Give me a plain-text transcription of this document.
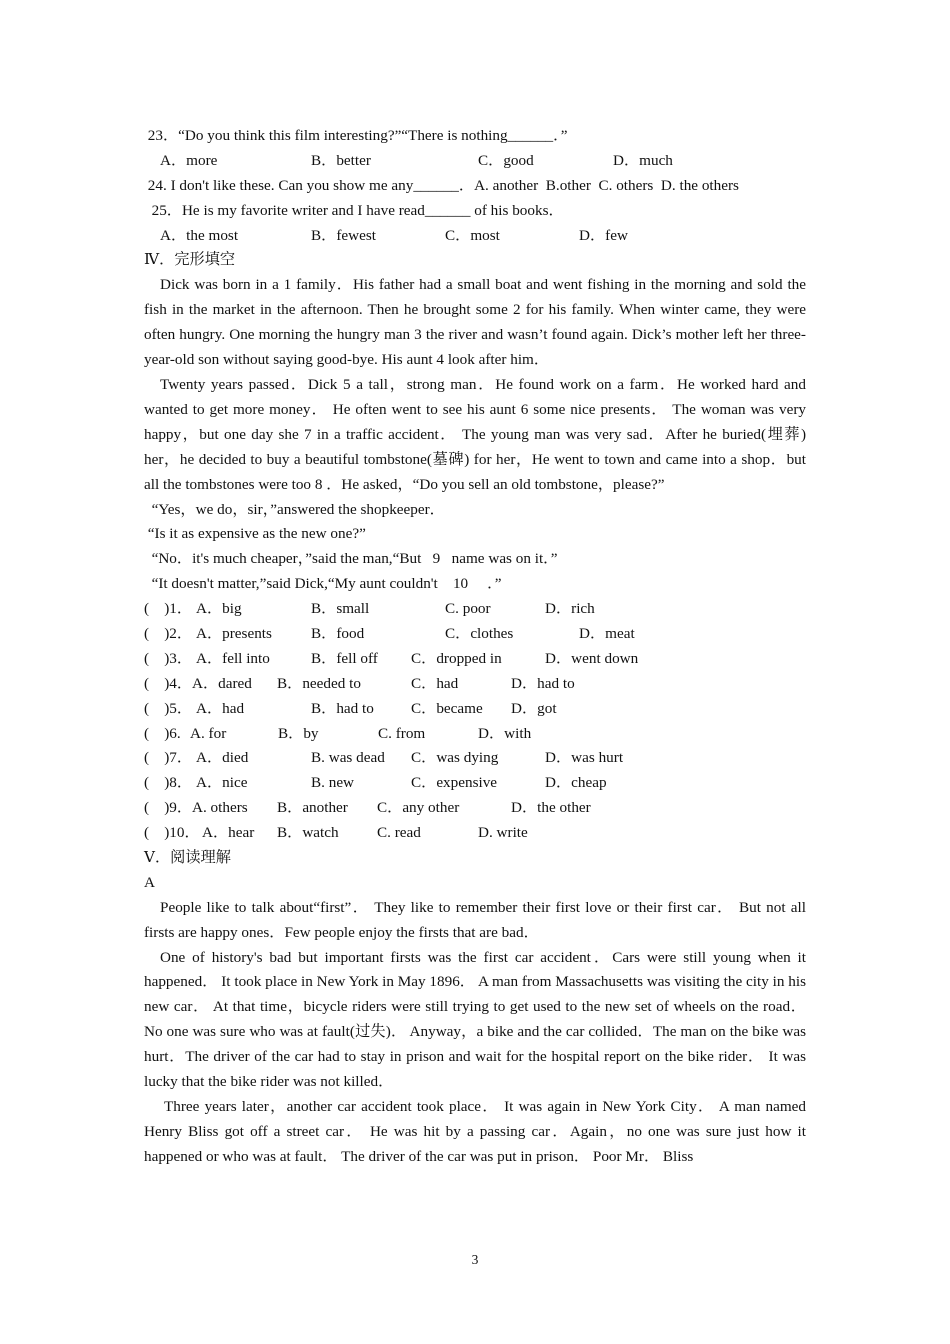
23．“Do you think this film interesting?”“There is nothing______．”
A．more	B．better	C．good	D．much
24. I don't like these. Can you show me any______．A. another  B.other  C. others  D. the others
25．He is my favorite writer and I have read______ of his books．
A．the most	B．fewest	C．most	D．few
Ⅳ．完形填空
Dick was born in a 1 family．His father had a small boat and went fishing in the morning and sold the fish in the market in the afternoon. Then he brought some 2 for his family. When winter came, they were often hungry. One morning the hungry man 3 the river and wasn’t found again. Dick’s mother left her three-year-old son without saying good-bye. His aunt 4 look after him．
Twenty years passed．Dick 5 a tall，strong man．He found work on a farm．He worked hard and wanted to get more money． He often went to see his aunt 6 some nice presents． The woman was very happy，but one day she 7 in a traffic accident． The young man was very sad．After he buried(埋葬) her，he decided to buy a beautiful tombstone(墓碑) for her，He went to town and came into a shop．but all the tombstones were too 8 ．He asked，“Do you sell an old tombstone，please?”
“Yes，we do，sir，”answered the shopkeeper．
“Is it as expensive as the new one?”
“No．it's much cheaper，”said the man,“But   9   name was on it．”
“It doesn't matter,”said Dick,“My aunt couldn't    10     ．”
(    )1． A．big	B．small	C. poor	D．rich
(    )2． A．presents	B．food	C．clothes	D．meat
(    )3． A．fell into	B．fell off	C．dropped in	D．went down
(    )4． A．dared	B．needed to	C．had	D．had to
(    )5． A．had	B．had to	C．became	D．got
(    )6. A. for	B．by	C. from	D．with
(    )7． A．died	B. was dead	C．was dying	D．was hurt
(    )8． A．nice	B. new	C．expensive	D．cheap
(    )9． A. others	B．another	C．any other	D．the other
(    )10． A．hear	B．watch	C. read	D. write
Ⅴ．阅读理解
A
People like to talk about“first”． They like to remember their first love or their first car． But not all firsts are happy ones．Few people enjoy the firsts that are bad．
One of history's bad but important firsts was the first car accident．Cars were still young when it happened． It took place in New York in May 1896． A man from Massachusetts was visiting the city in his new car． At that time，bicycle riders were still trying to get used to the new set of wheels on the road． No one was sure who was at fault(过失)． Anyway，a bike and the car collided．The man on the bike was hurt．The driver of the car had to stay in prison and wait for the hospital report on the bike rider． It was lucky that the bike rider was not killed．
Three years later，another car accident took place． It was again in New York City． A man named Henry Bliss got off a street car． He was hit by a passing car．Again，no one was sure just how it happened or who was at fault． The driver of the car was put in prison． Poor Mr． Bliss
3
